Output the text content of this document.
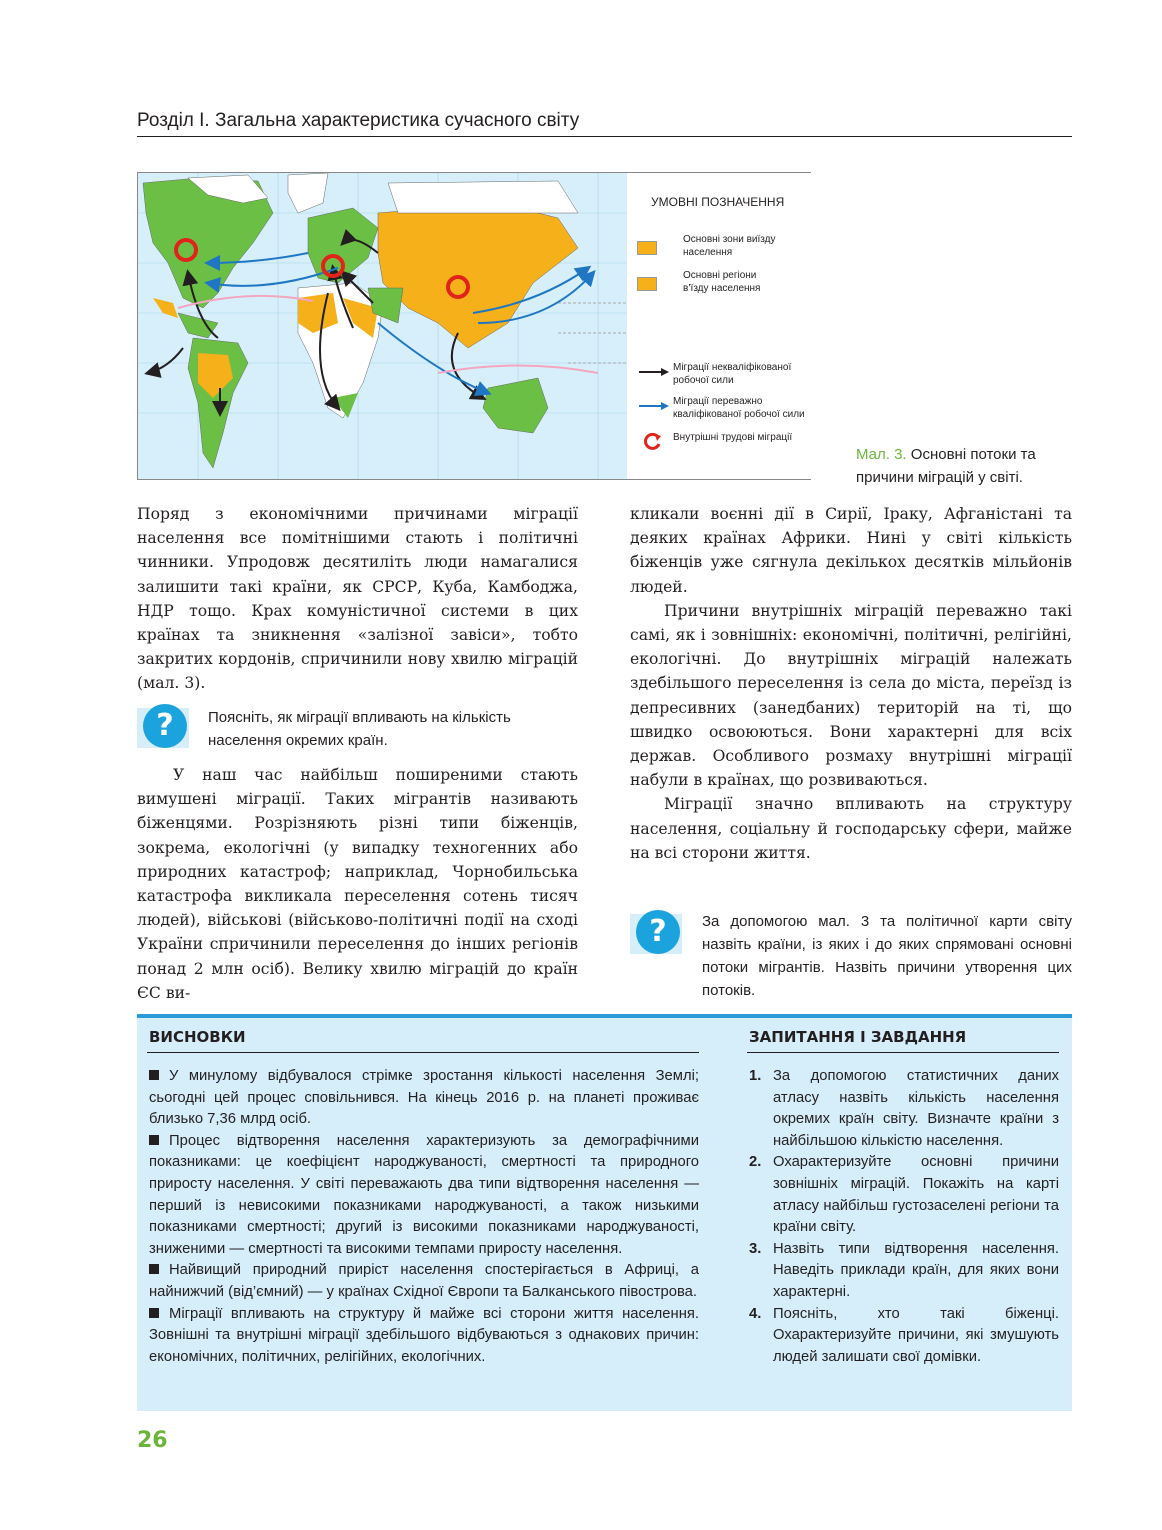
Розділ І. Загальна характеристика сучасного світу
УМОВНІ ПОЗНАЧЕННЯ
Основні зони виїзду населення
Основні регіони в’їзду населення
Міграції некваліфікованої робочої сили
Міграції переважно кваліфікованої робочої сили
Внутрішні трудові міграції
Мал. 3. Основні потоки та причини міграцій у світі.

Поряд з економічними причинами міграції населення все помітнішими стають і політичні чинники. Упродовж десятиліть люди намагалися залишити такі країни, як СРСР, Куба, Камбоджа, НДР тощо. Крах комуністичної системи в цих країнах та зникнення «залізної завіси», тобто закритих кордонів, спричинили нову хвилю міграцій (мал. 3).

?	Поясніть, як міграції впливають на кількість населення окремих країн.

У наш час найбільш поширеними стають вимушені міграції. Таких мігрантів називають біженцями. Розрізняють різні типи біженців, зокрема, екологічні (у випадку техногенних або природних катастроф; наприклад, Чорнобильська катастрофа викликала переселення сотень тисяч людей), військові (військово-політичні події на сході України спричинили переселення до інших регіонів понад 2 млн осіб). Велику хвилю міграцій до країн ЄС ви-

кликали воєнні дії в Сирії, Іраку, Афганістані та деяких країнах Африки. Нині у світі кількість біженців уже сягнула декількох десятків мільйонів людей.

Причини внутрішніх міграцій переважно такі самі, як і зовнішніх: економічні, політичні, релігійні, екологічні. До внутрішніх міграцій належать здебільшого переселення із села до міста, переїзд із депресивних (занедбаних) територій на ті, що швидко освоюються. Вони характерні для всіх держав. Особливого розмаху внутрішні міграції набули в країнах, що розвиваються.

Міграції значно впливають на структуру населення, соціальну й господарську сфери, майже на всі сторони життя.

?	За допомогою мал. 3 та політичної карти світу назвіть країни, із яких і до яких спрямовані основні потоки мігрантів. Назвіть причини утворення цих потоків.
ВИСНОВКИ

У минулому відбувалося стрімке зростання кількості населення Землі; сьогодні цей процес сповільнився. На кінець 2016 р. на планеті проживає близько 7,36 млрд осіб.

Процес відтворення населення характеризують за демографічними показниками: це коефіцієнт народжуваності, смертності та природного приросту населення. У світі переважають два типи відтворення населення — перший із невисокими показниками народжуваності, а також низькими показниками смертності; другий із високими показниками народжуваності, зниженими — смертності та високими темпами приросту населення.

Найвищий природний приріст населення спостерігається в Африці, а найнижчий (від’ємний) — у країнах Східної Європи та Балканського півострова.

Міграції впливають на структуру й майже всі сторони життя населення. Зовнішні та внутрішні міграції здебільшого відбуваються з однакових причин: економічних, політичних, релігійних, екологічних.

ЗАПИТАННЯ І ЗАВДАННЯ
1. За допомогою статистичних даних атласу назвіть кількість населення окремих країн світу. Визначте країни з найбільшою кількістю населення.
2. Охарактеризуйте основні причини зовнішніх міграцій. Покажіть на карті атласу найбільш густозаселені регіони та країни світу.
3. Назвіть типи відтворення населення. Наведіть приклади країн, для яких вони характерні.
4. Поясніть, хто такі біженці. Охарактеризуйте причини, які змушують людей залишати свої домівки.
26
